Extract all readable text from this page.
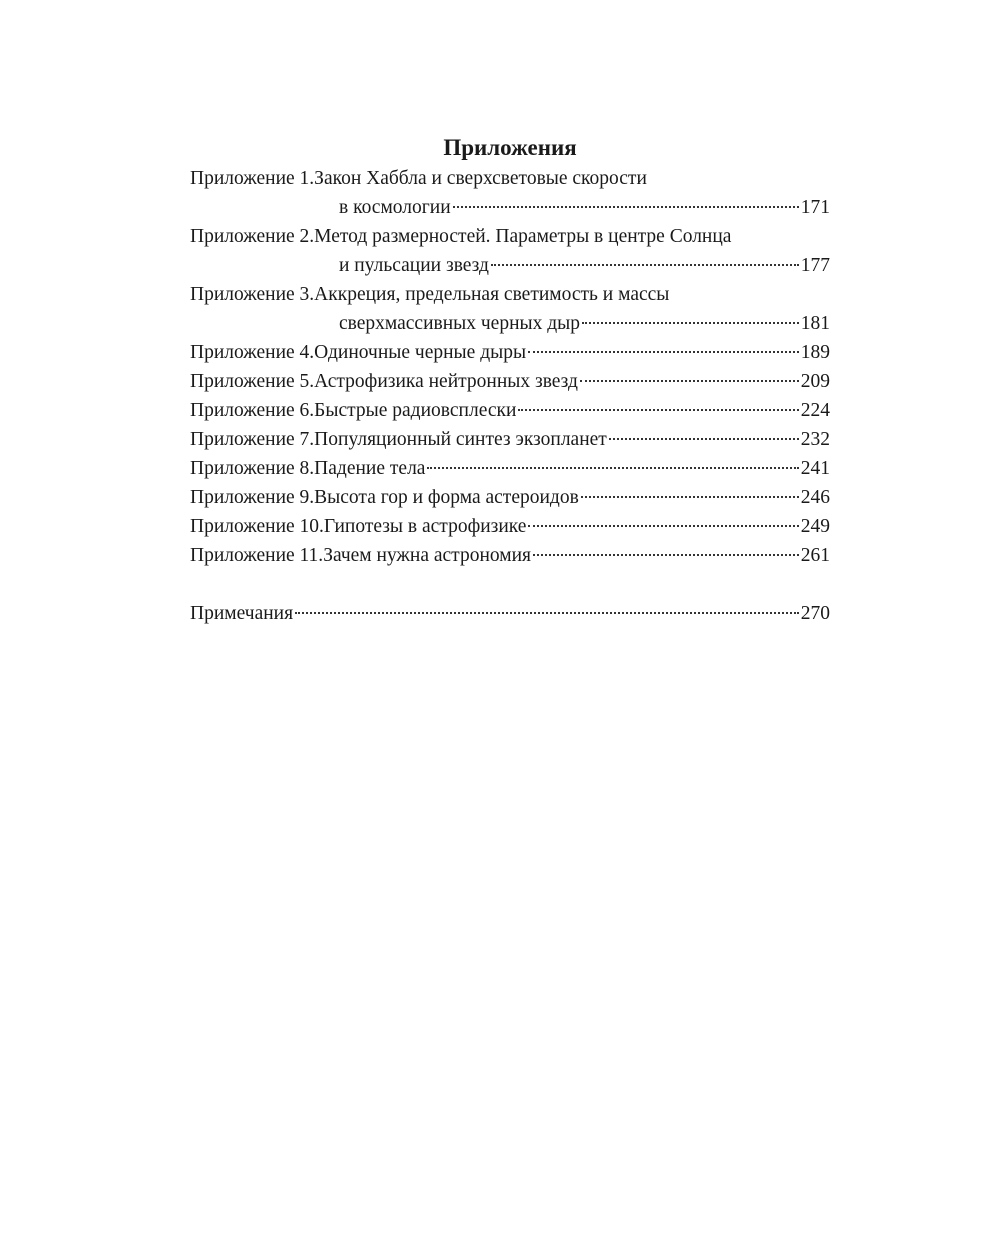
Приложения
Приложение 1. Закон Хаббла и сверхсветовые скорости
в космологии	171
Приложение 2. Метод размерностей. Параметры в центре Солнца
и пульсации звезд	177
Приложение 3. Аккреция, предельная светимость и массы
сверхмассивных черных дыр	181
Приложение 4. Одиночные черные дыры	189
Приложение 5. Астрофизика нейтронных звезд	209
Приложение 6. Быстрые радиовсплески	224
Приложение 7. Популяционный синтез экзопланет	232
Приложение 8. Падение тела	241
Приложение 9. Высота гор и форма астероидов	246
Приложение 10. Гипотезы в астрофизике	249
Приложение 11. Зачем нужна астрономия	261
Примечания	270
